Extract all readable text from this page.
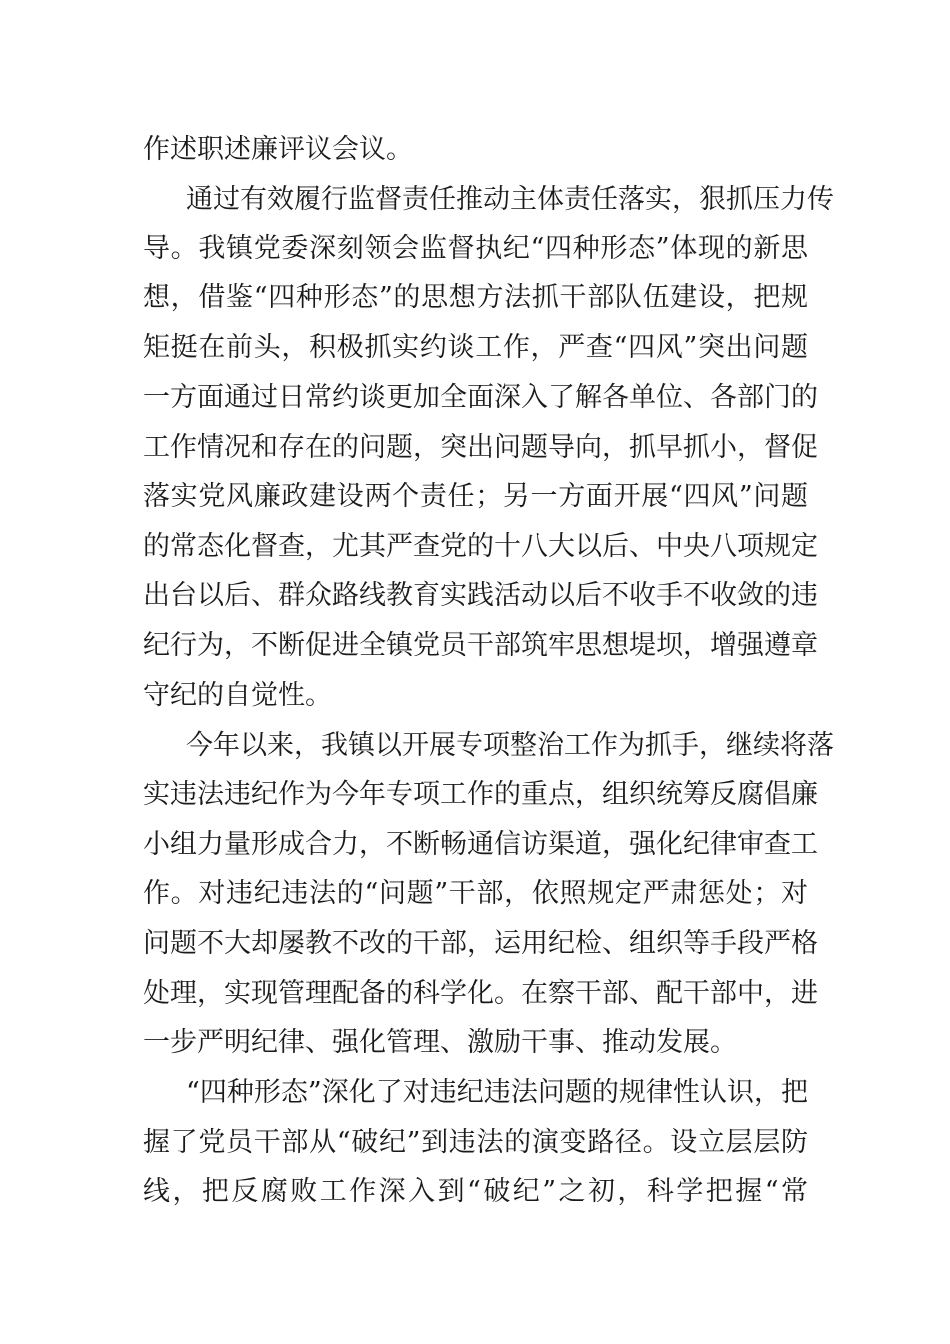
作述职述廉评议会议。
通过有效履行监督责任推动主体责任落实，狠抓压力传
导。我镇党委深刻领会监督执纪“四种形态”体现的新思
想，借鉴“四种形态”的思想方法抓干部队伍建设，把规
矩挺在前头，积极抓实约谈工作，严查“四风”突出问题
一方面通过日常约谈更加全面深入了解各单位、各部门的
工作情况和存在的问题，突出问题导向，抓早抓小，督促
落实党风廉政建设两个责任；另一方面开展“四风”问题
的常态化督查，尤其严查党的十八大以后、中央八项规定
出台以后、群众路线教育实践活动以后不收手不收敛的违
纪行为，不断促进全镇党员干部筑牢思想堤坝，增强遵章
守纪的自觉性。
今年以来，我镇以开展专项整治工作为抓手，继续将落
实违法违纪作为今年专项工作的重点，组织统筹反腐倡廉
小组力量形成合力，不断畅通信访渠道，强化纪律审查工
作。对违纪违法的“问题”干部，依照规定严肃惩处；对
问题不大却屡教不改的干部，运用纪检、组织等手段严格
处理，实现管理配备的科学化。在察干部、配干部中，进
一步严明纪律、强化管理、激励干事、推动发展。
“四种形态”深化了对违纪违法问题的规律性认识，把
握了党员干部从“破纪”到违法的演变路径。设立层层防
线，把反腐败工作深入到“破纪”之初，科学把握“常
